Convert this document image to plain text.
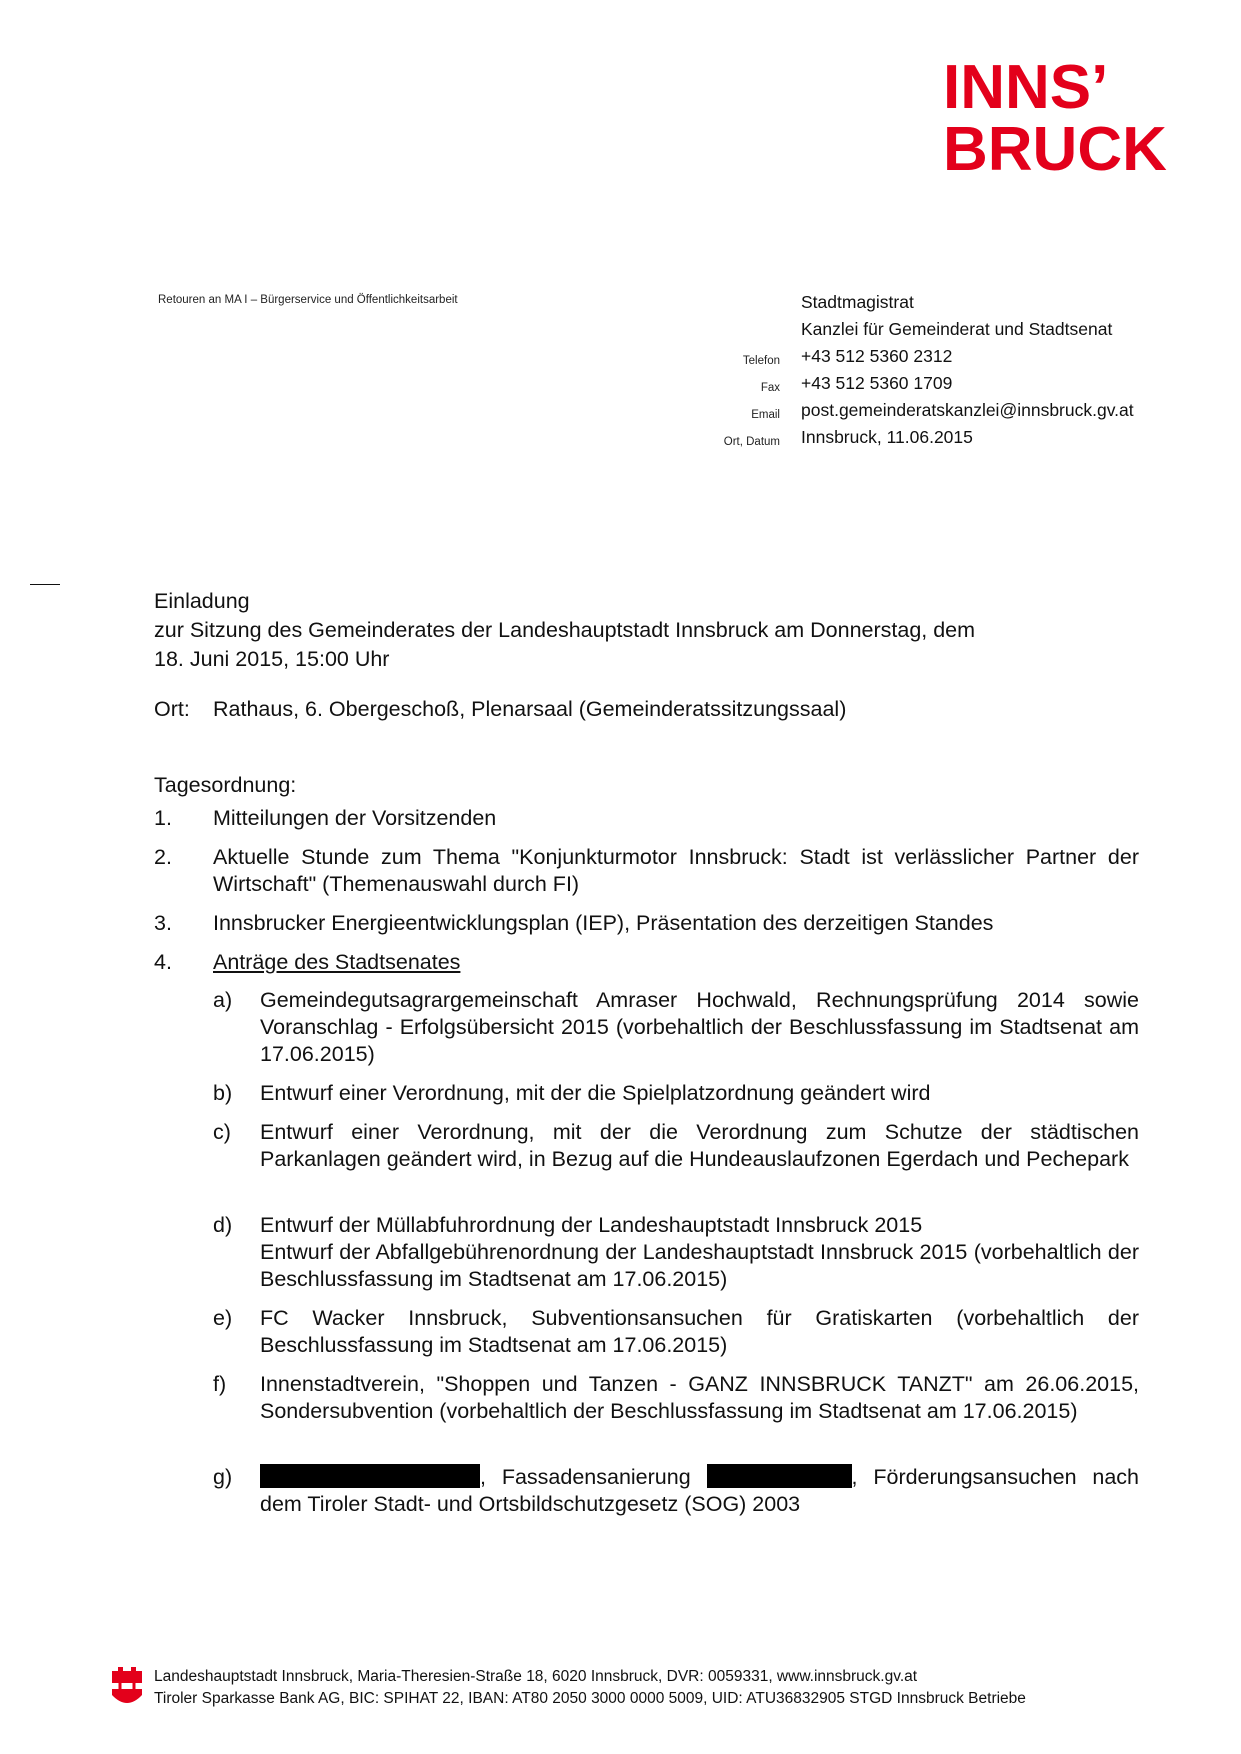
INNS’
BRUCK
Retouren an MA I – Bürgerservice und Öffentlichkeitsarbeit	Stadtmagistrat
Kanzlei für Gemeinderat und Stadtsenat
Telefon +43 512 5360 2312
Fax +43 512 5360 1709
Email post.gemeinderatskanzlei@innsbruck.gv.at
Ort, Datum Innsbruck, 11.06.2015
Einladung
zur Sitzung des Gemeinderates der Landeshauptstadt Innsbruck am Donnerstag, dem
18. Juni 2015, 15:00 Uhr
Ort: Rathaus, 6. Obergeschoß, Plenarsaal (Gemeinderatssitzungssaal)
Tagesordnung:
1. Mitteilungen der Vorsitzenden
2. Aktuelle Stunde zum Thema "Konjunkturmotor Innsbruck: Stadt ist verlässlicher Partner der Wirtschaft" (Themenauswahl durch FI)
3. Innsbrucker Energieentwicklungsplan (IEP), Präsentation des derzeitigen Standes
4. Anträge des Stadtsenates
a) Gemeindegutsagrargemeinschaft Amraser Hochwald, Rechnungsprüfung 2014 sowie Voranschlag - Erfolgsübersicht 2015 (vorbehaltlich der Beschlussfassung im Stadtsenat am 17.06.2015)
b) Entwurf einer Verordnung, mit der die Spielplatzordnung geändert wird
c) Entwurf einer Verordnung, mit der die Verordnung zum Schutze der städtischen Parkanlagen geändert wird, in Bezug auf die Hundeauslaufzonen Egerdach und Pechepark
d) Entwurf der Müllabfuhrordnung der Landeshauptstadt Innsbruck 2015
Entwurf der Abfallgebührenordnung der Landeshauptstadt Innsbruck 2015 (vorbehaltlich der Beschlussfassung im Stadtsenat am 17.06.2015)
e) FC Wacker Innsbruck, Subventionsansuchen für Gratiskarten (vorbehaltlich der Beschlussfassung im Stadtsenat am 17.06.2015)
f) Innenstadtverein, "Shoppen und Tanzen - GANZ INNSBRUCK TANZT" am 26.06.2015, Sondersubvention (vorbehaltlich der Beschlussfassung im Stadtsenat am 17.06.2015)
g)	, Fassadensanierung	, Förderungsansuchen nach dem Tiroler Stadt- und Ortsbildschutzgesetz (SOG) 2003
Landeshauptstadt Innsbruck, Maria-Theresien-Straße 18, 6020 Innsbruck, DVR: 0059331, www.innsbruck.gv.at
Tiroler Sparkasse Bank AG, BIC: SPIHAT 22, IBAN: AT80 2050 3000 0000 5009, UID: ATU36832905 STGD Innsbruck Betriebe
